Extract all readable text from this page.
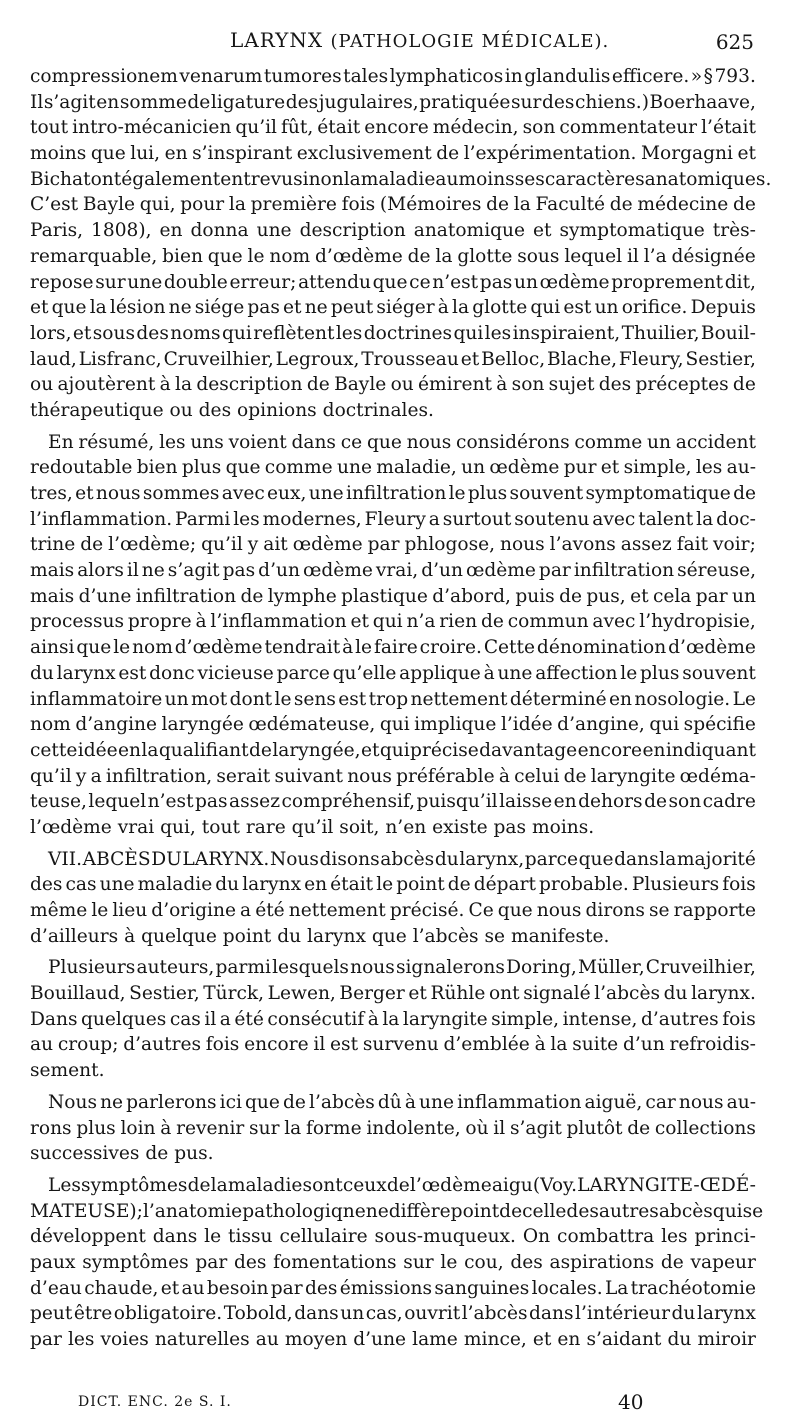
LARYNX (PATHOLOGIE MÉDICALE).	625
compressionem venarum tumores tales lymphaticos in glandulis efficere. » § 793.
Il s’agit en somme de ligature des jugulaires, pratiquée sur des chiens.) Boerhaave,
tout intro-mécanicien qu’il fût, était encore médecin, son commentateur l’était
moins que lui, en s’inspirant exclusivement de l’expérimentation. Morgagni et
Bichat ont également entrevu sinon la maladie au moins ses caractères anatomiques.
C’est Bayle qui, pour la première fois (Mémoires de la Faculté de médecine de
Paris, 1808), en donna une description anatomique et symptomatique très-
remarquable, bien que le nom d’œdème de la glotte sous lequel il l’a désignée
repose sur une double erreur; attendu que ce n’est pas un œdème proprement dit,
et que la lésion ne siége pas et ne peut siéger à la glotte qui est un orifice. Depuis
lors, et sous des noms qui reflètent les doctrines qui les inspiraient, Thuilier, Bouil-
laud, Lisfranc, Cruveilhier, Legroux, Trousseau et Belloc, Blache, Fleury, Sestier,
ou ajoutèrent à la description de Bayle ou émirent à son sujet des préceptes de
thérapeutique ou des opinions doctrinales.
En résumé, les uns voient dans ce que nous considérons comme un accident
redoutable bien plus que comme une maladie, un œdème pur et simple, les au-
tres, et nous sommes avec eux, une infiltration le plus souvent symptomatique de
l’inflammation. Parmi les modernes, Fleury a surtout soutenu avec talent la doc-
trine de l’œdème; qu’il y ait œdème par phlogose, nous l’avons assez fait voir;
mais alors il ne s’agit pas d’un œdème vrai, d’un œdème par infiltration séreuse,
mais d’une infiltration de lymphe plastique d’abord, puis de pus, et cela par un
processus propre à l’inflammation et qui n’a rien de commun avec l’hydropisie,
ainsi que le nom d’œdème tendrait à le faire croire. Cette dénomination d’œdème
du larynx est donc vicieuse parce qu’elle applique à une affection le plus souvent
inflammatoire un mot dont le sens est trop nettement déterminé en nosologie. Le
nom d’angine laryngée œdémateuse, qui implique l’idée d’angine, qui spécifie
cette idée en la qualifiant de laryngée, et qui précise davantage encore en indiquant
qu’il y a infiltration, serait suivant nous préférable à celui de laryngite œdéma-
teuse, lequel n’est pas assez compréhensif, puisqu’il laisse en dehors de son cadre
l’œdème vrai qui, tout rare qu’il soit, n’en existe pas moins.
VII. ABCÈS DU LARYNX. Nous disons abcès du larynx, parce que dans la majorité
des cas une maladie du larynx en était le point de départ probable. Plusieurs fois
même le lieu d’origine a été nettement précisé. Ce que nous dirons se rapporte
d’ailleurs à quelque point du larynx que l’abcès se manifeste.
Plusieurs auteurs, parmi lesquels nous signalerons Doring, Müller, Cruveilhier,
Bouillaud, Sestier, Türck, Lewen, Berger et Rühle ont signalé l’abcès du larynx.
Dans quelques cas il a été consécutif à la laryngite simple, intense, d’autres fois
au croup; d’autres fois encore il est survenu d’emblée à la suite d’un refroidis-
sement.
Nous ne parlerons ici que de l’abcès dû à une inflammation aiguë, car nous au-
rons plus loin à revenir sur la forme indolente, où il s’agit plutôt de collections
successives de pus.
Les symptômes de la maladie sont ceux de l’œdème aigu (Voy. LARYNGITE-ŒDÉ-
MATEUSE); l’anatomie pathologiqne ne diffère point de celle des autres abcès qui se
développent dans le tissu cellulaire sous-muqueux. On combattra les princi-
paux symptômes par des fomentations sur le cou, des aspirations de vapeur
d’eau chaude, et au besoin par des émissions sanguines locales. La trachéotomie
peut être obligatoire. Tobold, dans un cas, ouvrit l’abcès dans l’intérieur du larynx
par les voies naturelles au moyen d’une lame mince, et en s’aidant du miroir
DICT. ENC. 2e S. I.	40
